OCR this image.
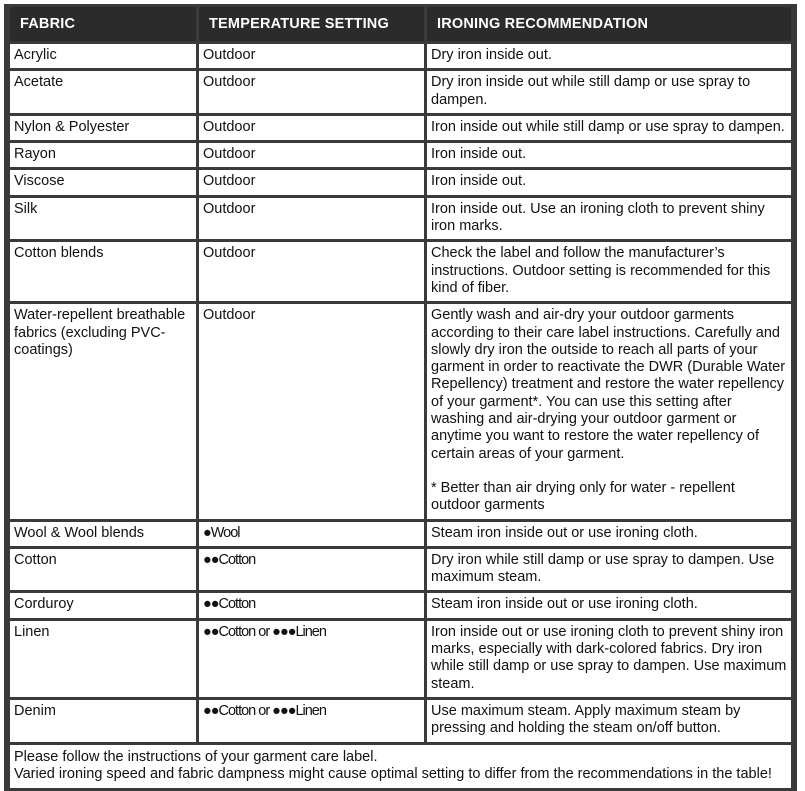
FABRIC	TEMPERATURE SETTING	IRONING RECOMMENDATION
Acrylic	Outdoor	Dry iron inside out.
Acetate	Outdoor	Dry iron inside out while still damp or use spray to dampen.
Nylon & Polyester	Outdoor	Iron inside out while still damp or use spray to dampen.
Rayon	Outdoor	Iron inside out.
Viscose	Outdoor	Iron inside out.
Silk	Outdoor	Iron inside out. Use an ironing cloth to prevent shiny iron marks.
Cotton blends	Outdoor	Check the label and follow the manufacturer’s instructions. Outdoor setting is recommended for this kind of fiber.
Water-repellent breathable fabrics (excluding PVC-coatings)	Outdoor	Gently wash and air-dry your outdoor garments according to their care label instructions. Carefully and slowly dry iron the outside to reach all parts of your garment in order to reactivate the DWR (Durable Water Repellency) treatment and restore the water repellency of your garment*. You can use this setting after washing and air-drying your outdoor garment or anytime you want to restore the water repellency of certain areas of your garment.
* Better than air drying only for water - repellent outdoor garments

Wool & Wool blends	●Wool	Steam iron inside out or use ironing cloth.
Cotton	●●Cotton	Dry iron while still damp or use spray to dampen. Use maximum steam.
Corduroy	●●Cotton	Steam iron inside out or use ironing cloth.
Linen	●●Cotton or ●●●Linen	Iron inside out or use ironing cloth to prevent shiny iron marks, especially with dark-colored fabrics. Dry iron while still damp or use spray to dampen. Use maximum steam.
Denim	●●Cotton or ●●●Linen	Use maximum steam. Apply maximum steam by pressing and holding the steam on/off button.

Please follow the instructions of your garment care label.
Varied ironing speed and fabric dampness might cause optimal setting to differ from the recommendations in the table!		
